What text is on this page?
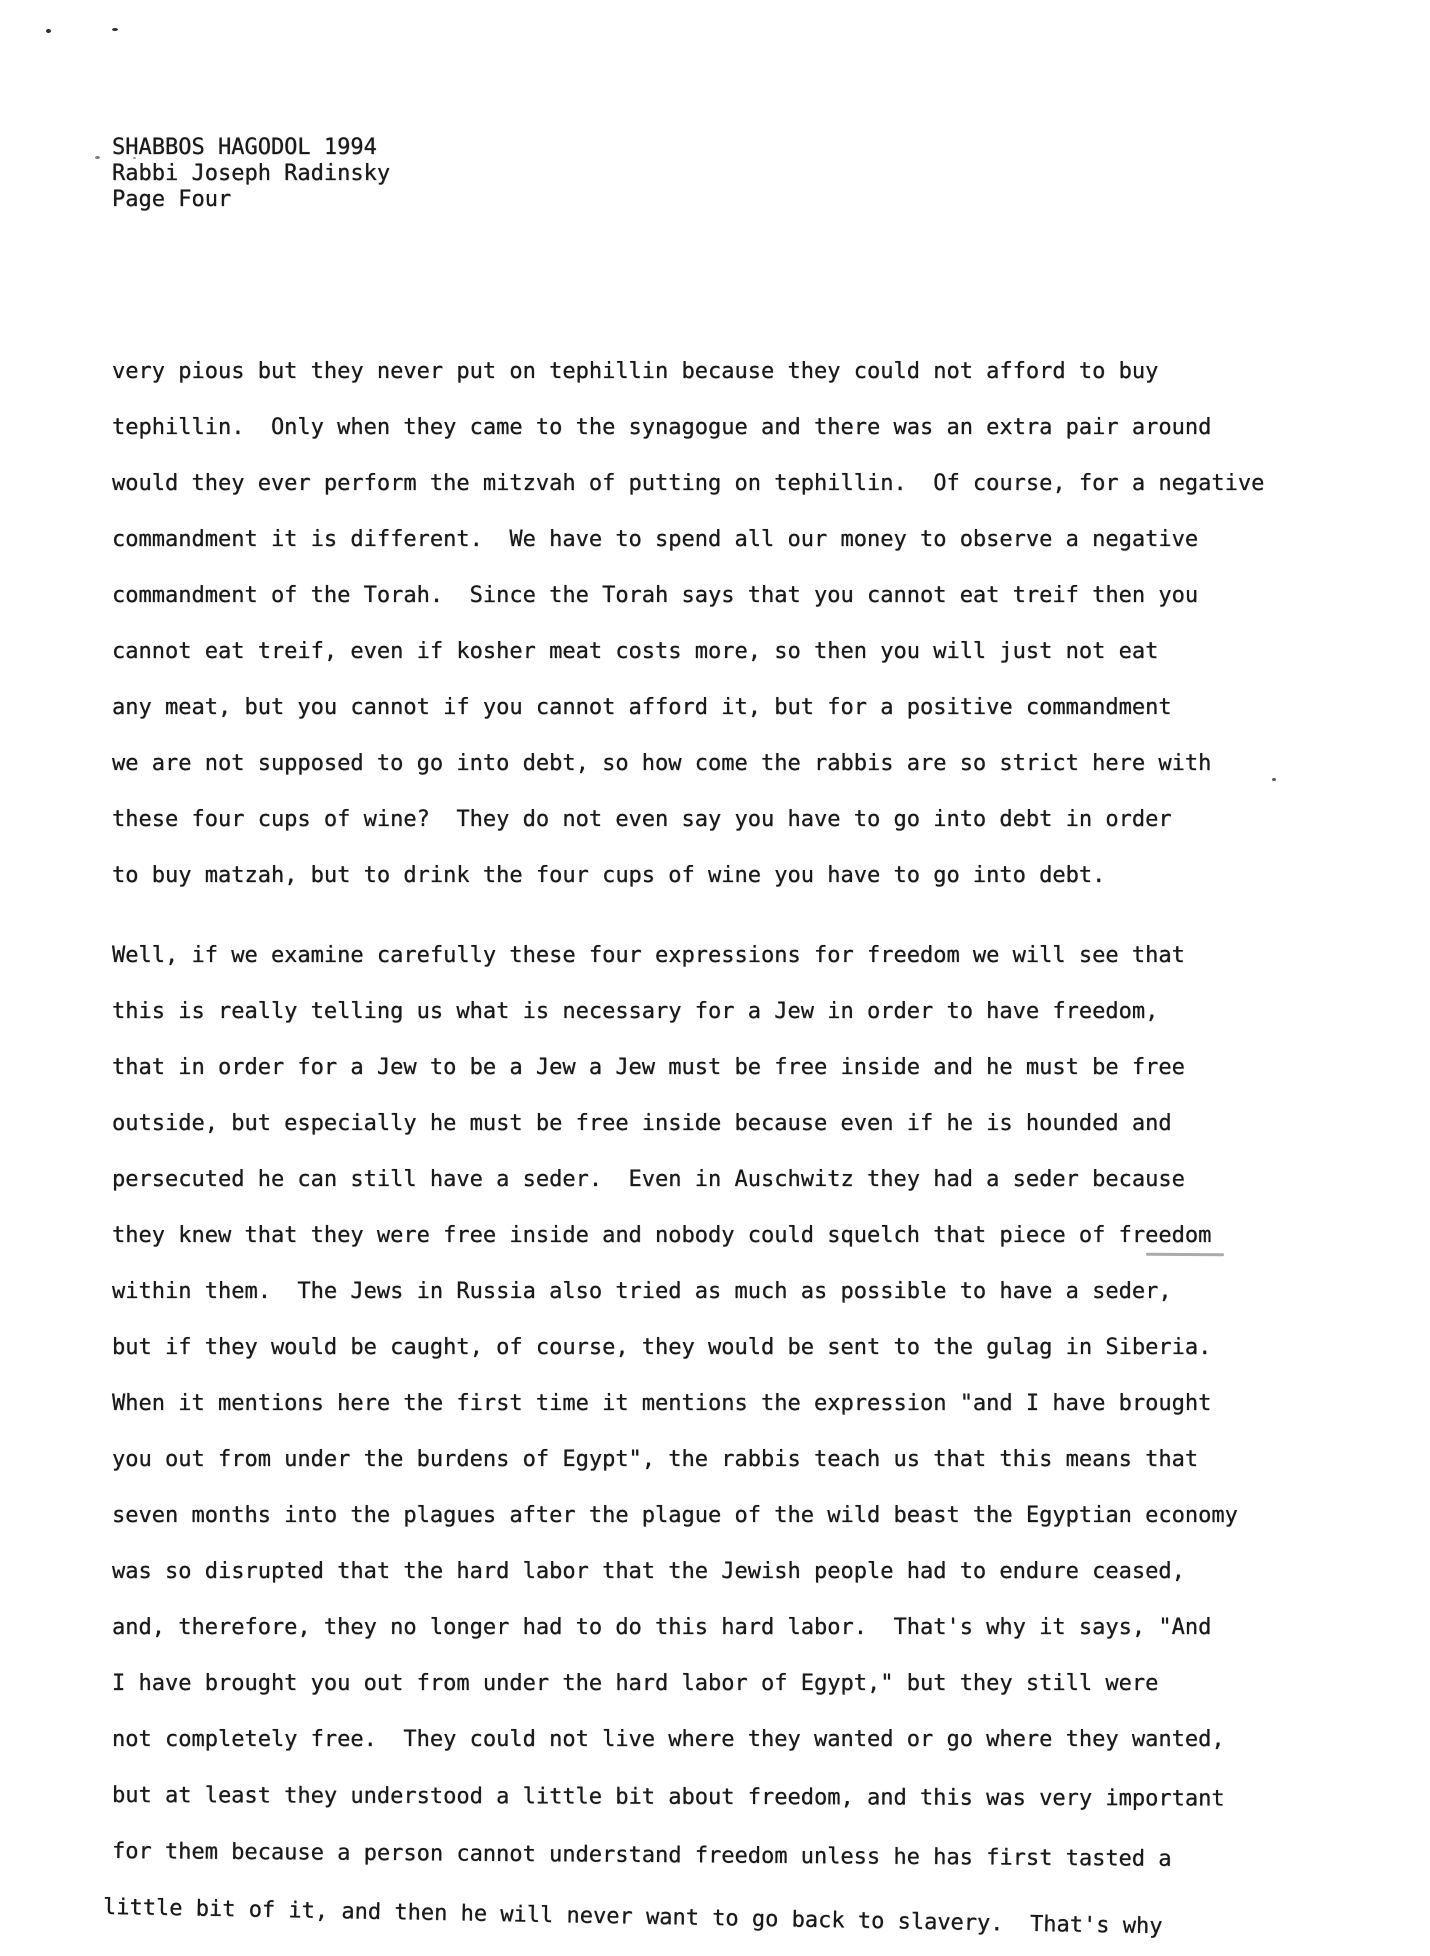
SHABBOS HAGODOL 1994
Rabbi Joseph Radinsky
Page Four

very pious but they never put on tephillin because they could not afford to buy
tephillin.  Only when they came to the synagogue and there was an extra pair around
would they ever perform the mitzvah of putting on tephillin.  Of course, for a negative
commandment it is different.  We have to spend all our money to observe a negative
commandment of the Torah.  Since the Torah says that you cannot eat treif then you
cannot eat treif, even if kosher meat costs more, so then you will just not eat
any meat, but you cannot if you cannot afford it, but for a positive commandment
we are not supposed to go into debt, so how come the rabbis are so strict here with
these four cups of wine?  They do not even say you have to go into debt in order
to buy matzah, but to drink the four cups of wine you have to go into debt.

Well, if we examine carefully these four expressions for freedom we will see that
this is really telling us what is necessary for a Jew in order to have freedom,
that in order for a Jew to be a Jew a Jew must be free inside and he must be free
outside, but especially he must be free inside because even if he is hounded and
persecuted he can still have a seder.  Even in Auschwitz they had a seder because
they knew that they were free inside and nobody could squelch that piece of freedom
within them.  The Jews in Russia also tried as much as possible to have a seder,
but if they would be caught, of course, they would be sent to the gulag in Siberia.
When it mentions here the first time it mentions the expression "and I have brought
you out from under the burdens of Egypt", the rabbis teach us that this means that
seven months into the plagues after the plague of the wild beast the Egyptian economy
was so disrupted that the hard labor that the Jewish people had to endure ceased,
and, therefore, they no longer had to do this hard labor.  That's why it says, "And
I have brought you out from under the hard labor of Egypt," but they still were
not completely free.  They could not live where they wanted or go where they wanted,
but at least they understood a little bit about freedom, and this was very important
for them because a person cannot understand freedom unless he has first tasted a
little bit of it, and then he will never want to go back to slavery.  That's why
